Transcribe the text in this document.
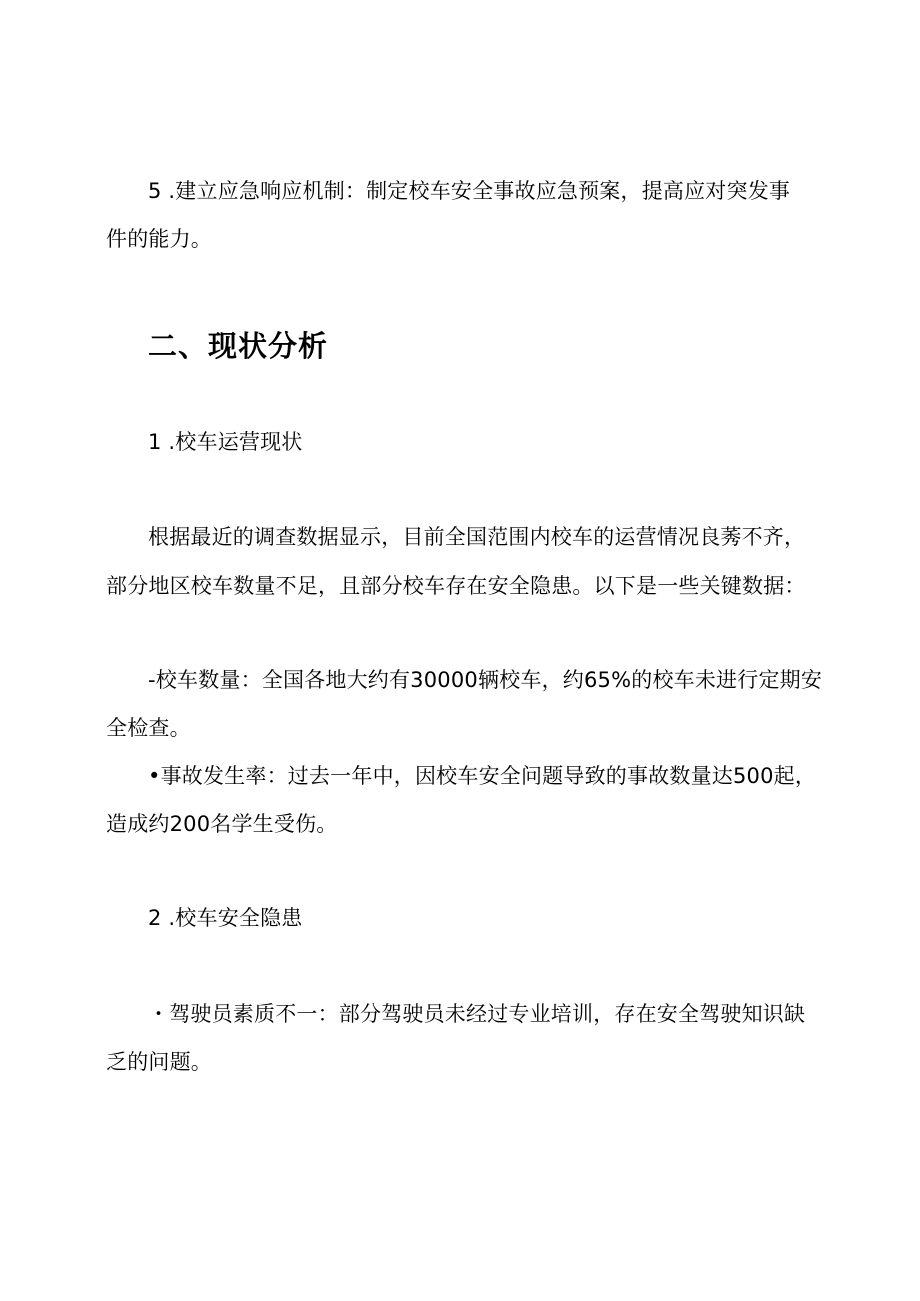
5 .建立应急响应机制：制定校车安全事故应急预案，提高应对突发事
件的能力。
二、现状分析
1 .校车运营现状
根据最近的调查数据显示，目前全国范围内校车的运营情况良莠不齐，
部分地区校车数量不足，且部分校车存在安全隐患。以下是一些关键数据：
-校车数量：全国各地大约有30000辆校车，约65%的校车未进行定期安
全检查。
•事故发生率：过去一年中，因校车安全问题导致的事故数量达500起，
造成约200名学生受伤。
2 .校车安全隐患
・驾驶员素质不一：部分驾驶员未经过专业培训，存在安全驾驶知识缺
乏的问题。
